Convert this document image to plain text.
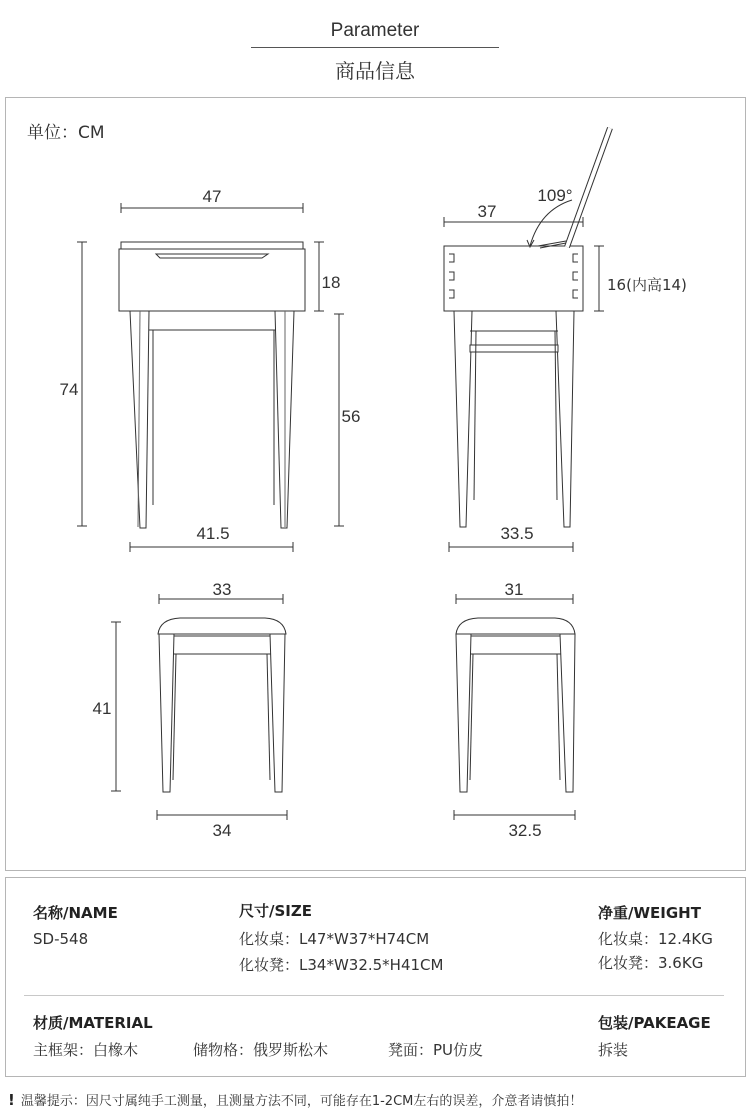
Parameter
商品信息
单位：CM
47
74
18
56
41.5
37
109°
16(内高14)
33.5
33
41
34
31
32.5
名称/NAME
SD-548
尺寸/SIZE
化妆桌：L47*W37*H74CM
化妆凳：L34*W32.5*H41CM
净重/WEIGHT
化妆桌：12.4KG
化妆凳：3.6KG
材质/MATERIAL
主框架：白橡木	储物格：俄罗斯松木	凳面：PU仿皮
包装/PAKEAGE
拆装
! 温馨提示：因尺寸属纯手工测量，且测量方法不同，可能存在1-2CM左右的误差，介意者请慎拍！
